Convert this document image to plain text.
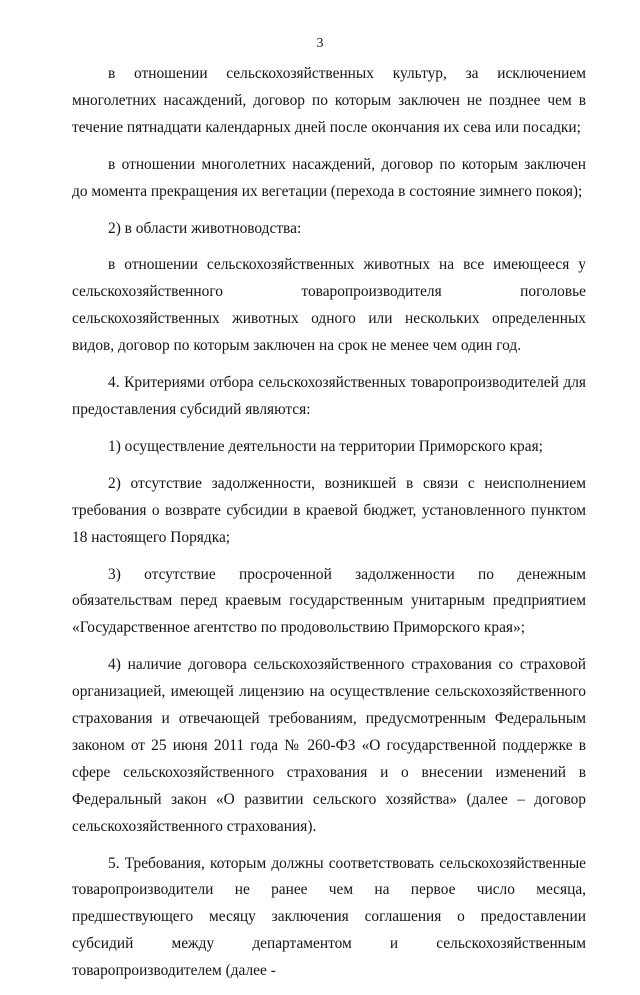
3

в отношении сельскохозяйственных культур, за исключением многолетних насаждений, договор по которым заключен не позднее чем в течение пятнадцати календарных дней после окончания их сева или посадки;

в отношении многолетних насаждений, договор по которым заключен до момента прекращения их вегетации (перехода в состояние зимнего покоя);

2) в области животноводства:

в отношении сельскохозяйственных животных на все имеющееся у сельскохозяйственного товаропроизводителя поголовье сельскохозяйственных животных одного или нескольких определенных видов, договор по которым заключен на срок не менее чем один год.

4. Критериями отбора сельскохозяйственных товаропроизводителей для предоставления субсидий являются:

1) осуществление деятельности на территории Приморского края;

2) отсутствие задолженности, возникшей в связи с неисполнением требования о возврате субсидии в краевой бюджет, установленного пунктом 18 настоящего Порядка;

3) отсутствие просроченной задолженности по денежным обязательствам перед краевым государственным унитарным предприятием «Государственное агентство по продовольствию Приморского края»;

4) наличие договора сельскохозяйственного страхования со страховой организацией, имеющей лицензию на осуществление сельскохозяйственного страхования и отвечающей требованиям, предусмотренным Федеральным законом от 25 июня 2011 года № 260-ФЗ «О государственной поддержке в сфере сельскохозяйственного страхования и о внесении изменений в Федеральный закон «О развитии сельского хозяйства» (далее – договор сельскохозяйственного страхования).

5. Требования, которым должны соответствовать сельскохозяйственные товаропроизводители не ранее чем на первое число месяца, предшествующего месяцу заключения соглашения о предоставлении субсидий между департаментом и сельскохозяйственным товаропроизводителем (далее -
